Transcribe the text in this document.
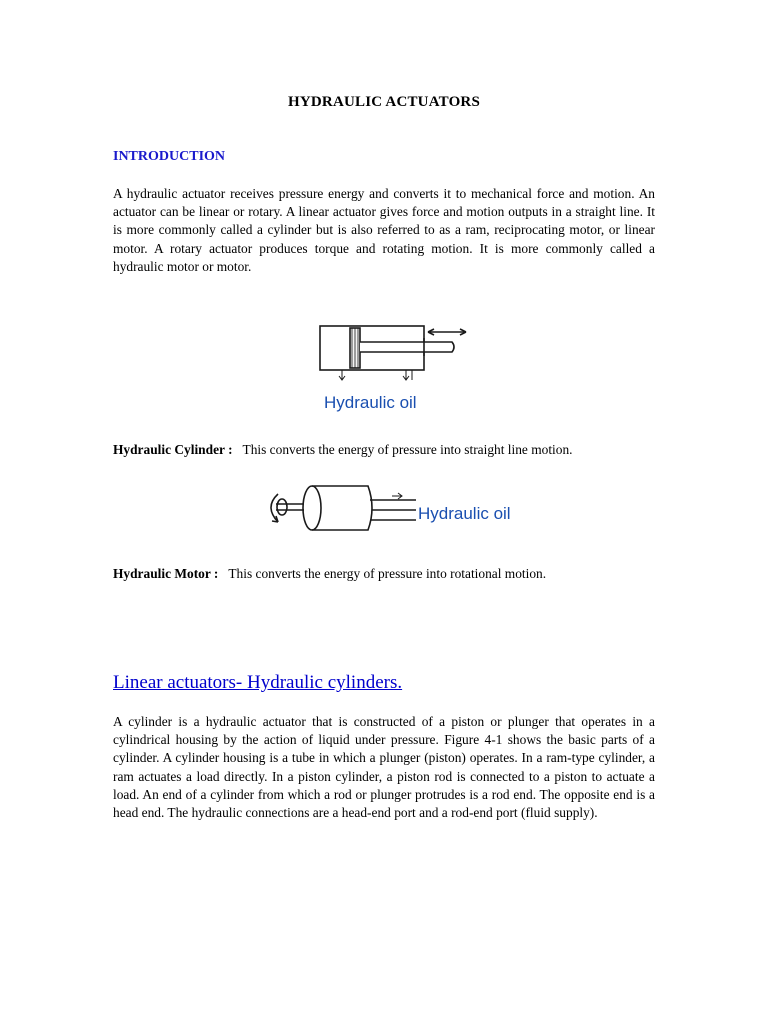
HYDRAULIC ACTUATORS
INTRODUCTION
A hydraulic actuator receives pressure energy and converts it to mechanical force and motion. An actuator can be linear or rotary. A linear actuator gives force and motion outputs in a straight line. It is more commonly called a cylinder but is also referred to as a ram, reciprocating motor, or linear motor. A rotary actuator produces torque and rotating motion. It is more commonly called a hydraulic motor or motor.
Hydraulic oil
Hydraulic Cylinder : This converts the energy of pressure into straight line motion.
Hydraulic oil
Hydraulic Motor : This converts the energy of pressure into rotational motion.
Linear actuators- Hydraulic cylinders.
A cylinder is a hydraulic actuator that is constructed of a piston or plunger that operates in a cylindrical housing by the action of liquid under pressure. Figure 4-1 shows the basic parts of a cylinder. A cylinder housing is a tube in which a plunger (piston) operates. In a ram-type cylinder, a ram actuates a load directly. In a piston cylinder, a piston rod is connected to a piston to actuate a load. An end of a cylinder from which a rod or plunger protrudes is a rod end. The opposite end is a head end. The hydraulic connections are a head-end port and a rod-end port (fluid supply).
